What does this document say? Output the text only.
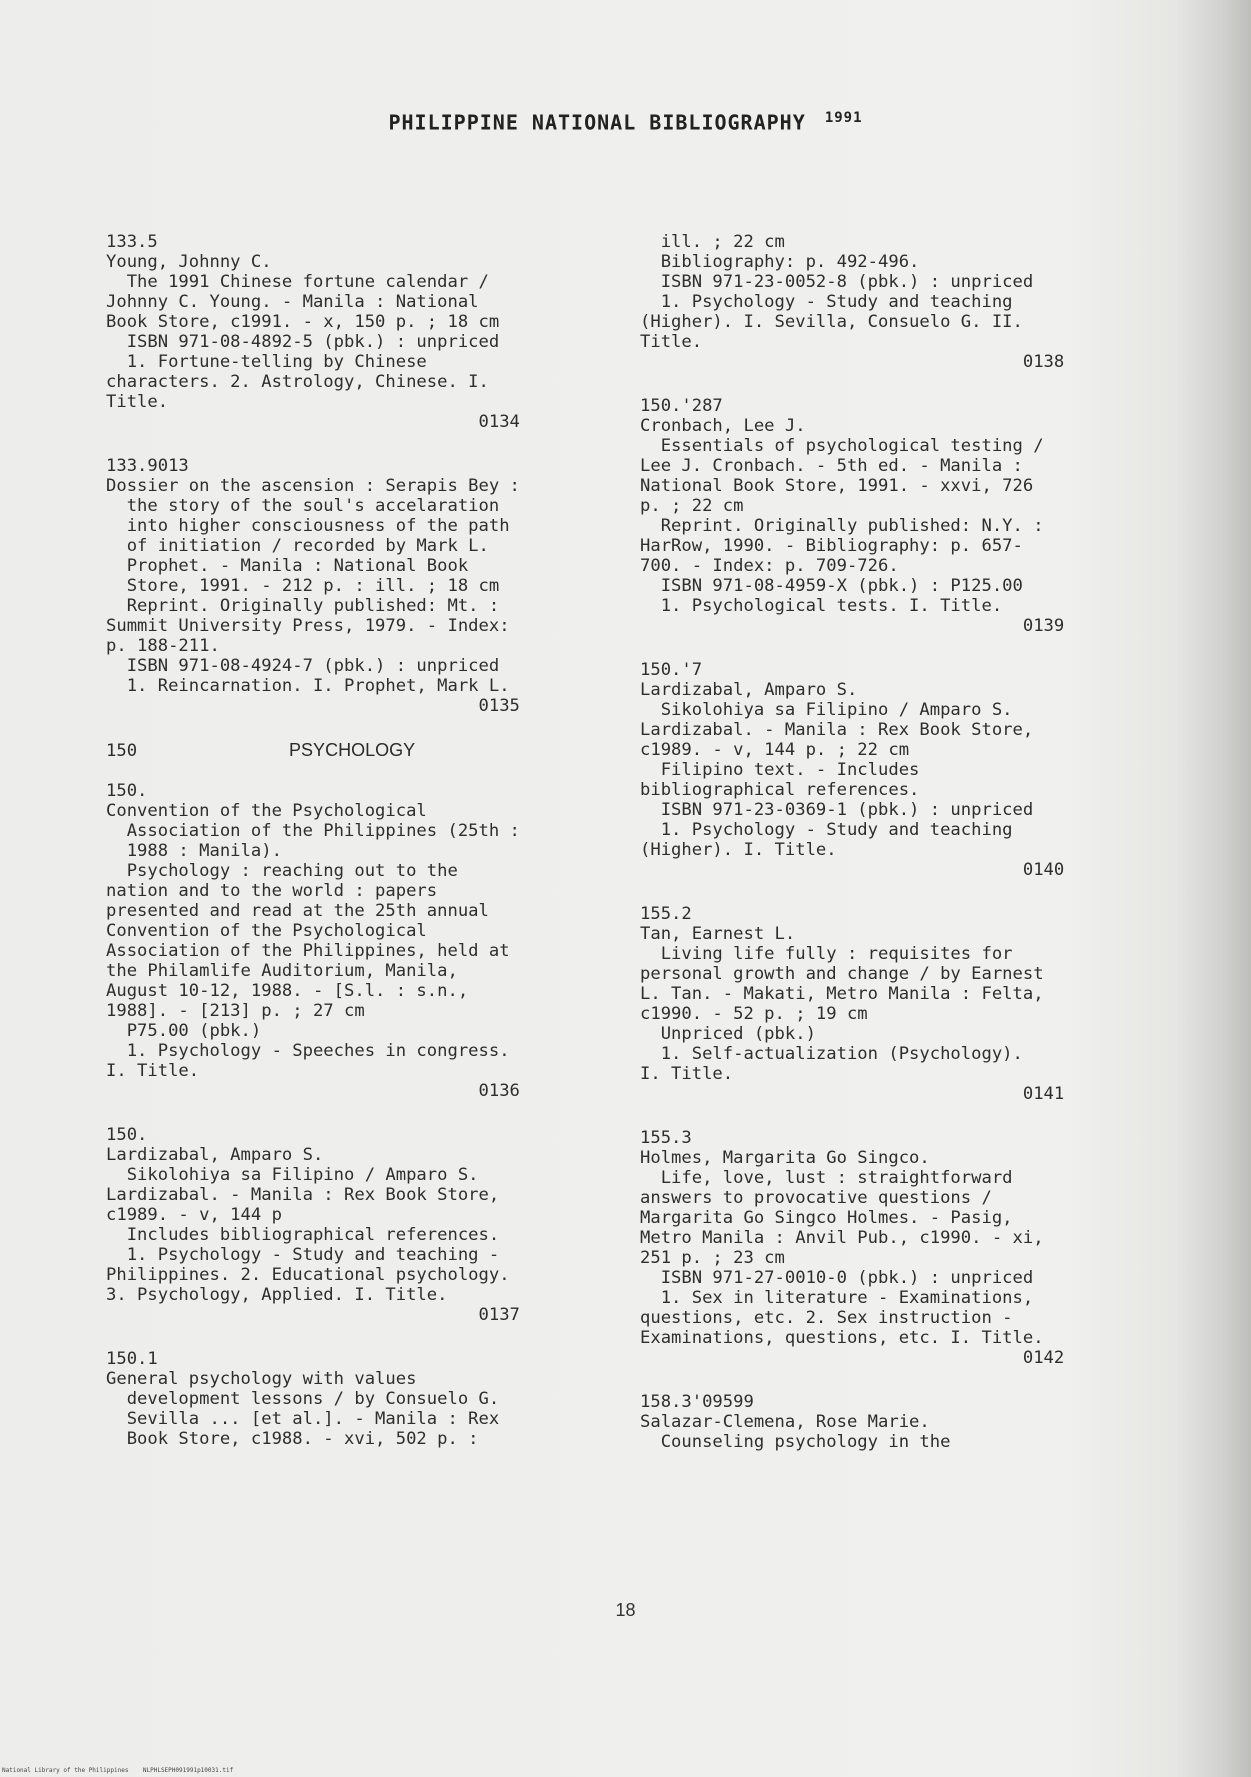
PHILIPPINE NATIONAL BIBLIOGRAPHY $^{1991}$
133.5
Young, Johnny C.
The 1991 Chinese fortune calendar /
Johnny C. Young. - Manila : National
Book Store, c1991. - x, 150 p. ; 18 cm
ISBN 971-08-4892-5 (pbk.) : unpriced
1. Fortune-telling by Chinese
characters. 2. Astrology, Chinese. I.
Title.
0134
133.9013
Dossier on the ascension : Serapis Bey :
the story of the soul's accelaration
into higher consciousness of the path
of initiation / recorded by Mark L.
Prophet. - Manila : National Book
Store, 1991. - 212 p. : ill. ; 18 cm
Reprint. Originally published: Mt. :
Summit University Press, 1979. - Index:
p. 188-211.
ISBN 971-08-4924-7 (pbk.) : unpriced
1. Reincarnation. I. Prophet, Mark L.
0135
150	PSYCHOLOGY
150.
Convention of the Psychological
Association of the Philippines (25th :
1988 : Manila).
Psychology : reaching out to the
nation and to the world : papers
presented and read at the 25th annual
Convention of the Psychological
Association of the Philippines, held at
the Philamlife Auditorium, Manila,
August 10-12, 1988. - [S.l. : s.n.,
1988]. - [213] p. ; 27 cm
P75.00 (pbk.)
1. Psychology - Speeches in congress.
I. Title.
0136
150.
Lardizabal, Amparo S.
Sikolohiya sa Filipino / Amparo S.
Lardizabal. - Manila : Rex Book Store,
c1989. - v, 144 p
Includes bibliographical references.
1. Psychology - Study and teaching -
Philippines. 2. Educational psychology.
3. Psychology, Applied. I. Title.
0137
150.1
General psychology with values
development lessons / by Consuelo G.
Sevilla ... [et al.]. - Manila : Rex
Book Store, c1988. - xvi, 502 p. :
ill. ; 22 cm
Bibliography: p. 492-496.
ISBN 971-23-0052-8 (pbk.) : unpriced
1. Psychology - Study and teaching
(Higher). I. Sevilla, Consuelo G. II.
Title.
0138
150.'287
Cronbach, Lee J.
Essentials of psychological testing /
Lee J. Cronbach. - 5th ed. - Manila :
National Book Store, 1991. - xxvi, 726
p. ; 22 cm
Reprint. Originally published: N.Y. :
HarRow, 1990. - Bibliography: p. 657-
700. - Index: p. 709-726.
ISBN 971-08-4959-X (pbk.) : P125.00
1. Psychological tests. I. Title.
0139
150.'7
Lardizabal, Amparo S.
Sikolohiya sa Filipino / Amparo S.
Lardizabal. - Manila : Rex Book Store,
c1989. - v, 144 p. ; 22 cm
Filipino text. - Includes
bibliographical references.
ISBN 971-23-0369-1 (pbk.) : unpriced
1. Psychology - Study and teaching
(Higher). I. Title.
0140
155.2
Tan, Earnest L.
Living life fully : requisites for
personal growth and change / by Earnest
L. Tan. - Makati, Metro Manila : Felta,
c1990. - 52 p. ; 19 cm
Unpriced (pbk.)
1. Self-actualization (Psychology).
I. Title.
0141
155.3
Holmes, Margarita Go Singco.
Life, love, lust : straightforward
answers to provocative questions /
Margarita Go Singco Holmes. - Pasig,
Metro Manila : Anvil Pub., c1990. - xi,
251 p. ; 23 cm
ISBN 971-27-0010-0 (pbk.) : unpriced
1. Sex in literature - Examinations,
questions, etc. 2. Sex instruction -
Examinations, questions, etc. I. Title.
0142
158.3'09599
Salazar-Clemena, Rose Marie.
Counseling psychology in the
18
National Library of the Philippines    NLPHLSEPH091991p10031.tif
